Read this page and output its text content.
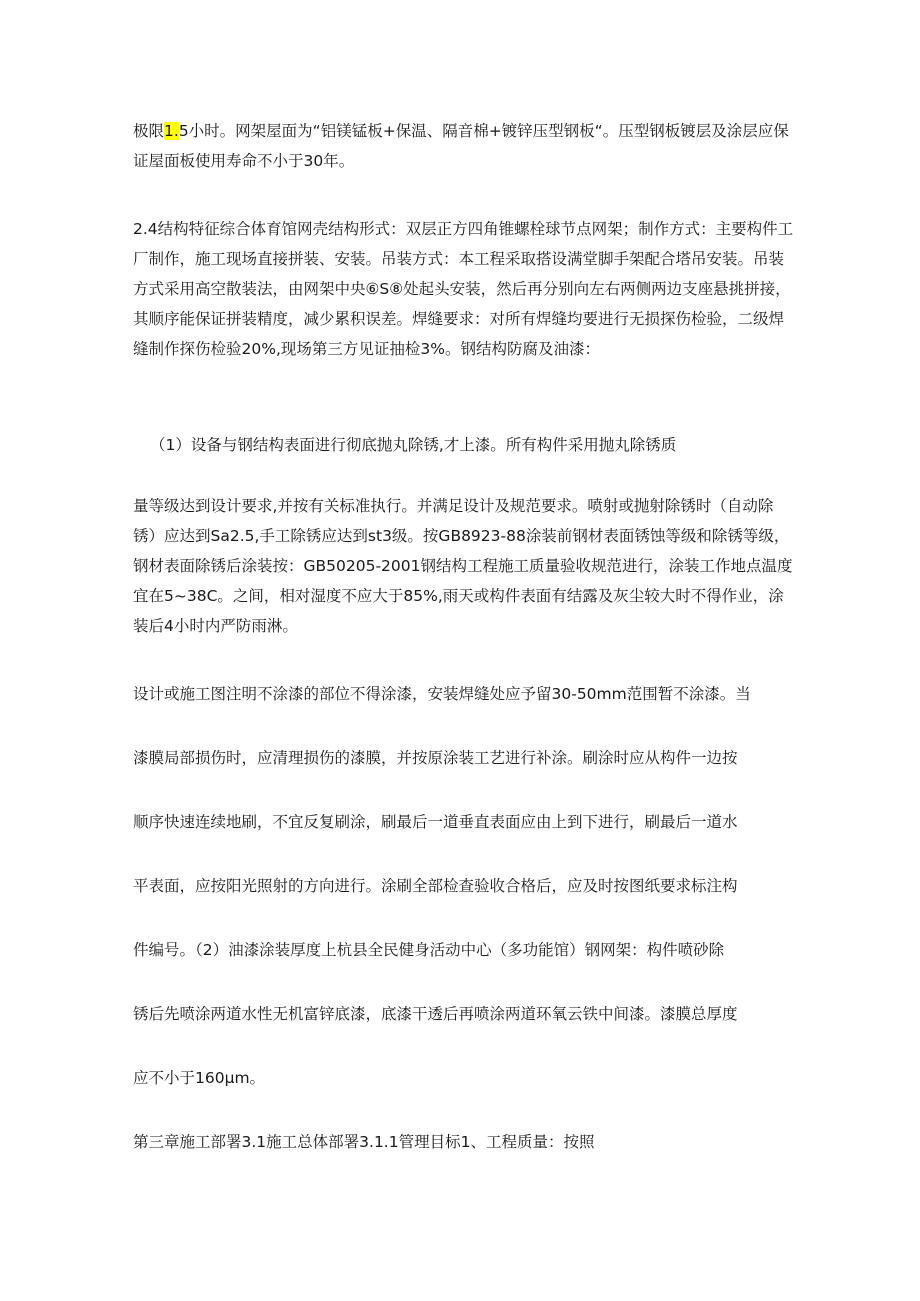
极限1.5小时。网架屋面为“铝镁锰板+保温、隔音棉+镀锌压型钢板“。压型钢板镀层及涂层应保证屋面板使用寿命不小于30年。
2.4结构特征综合体育馆网壳结构形式：双层正方四角锥螺栓球节点网架；制作方式：主要构件工厂制作，施工现场直接拼装、安装。吊装方式：本工程采取搭设满堂脚手架配合塔吊安装。吊装方式采用高空散装法，由网架中央⑥S⑧处起头安装，然后再分别向左右两侧两边支座悬挑拼接，其顺序能保证拼装精度，减少累积误差。焊缝要求：对所有焊缝均要进行无损探伤检验，二级焊缝制作探伤检验20%,现场第三方见证抽检3%。钢结构防腐及油漆：
（1）设备与钢结构表面进行彻底抛丸除锈,才上漆。所有构件采用抛丸除锈质
量等级达到设计要求,并按有关标准执行。并满足设计及规范要求。喷射或抛射除锈时（自动除锈）应达到Sa2.5,手工除锈应达到st3级。按GB8923-88涂装前钢材表面锈蚀等级和除锈等级，钢材表面除锈后涂装按：GB50205-2001钢结构工程施工质量验收规范进行，涂装工作地点温度宜在5~38C。之间，相对湿度不应大于85%,雨天或构件表面有结露及灰尘较大时不得作业，涂装后4小时内严防雨淋。
设计或施工图注明不涂漆的部位不得涂漆，安装焊缝处应予留30-50mm范围暂不涂漆。当
漆膜局部损伤时，应清理损伤的漆膜，并按原涂装工艺进行补涂。刷涂时应从构件一边按
顺序快速连续地刷，不宜反复刷涂，刷最后一道垂直表面应由上到下进行，刷最后一道水
平表面，应按阳光照射的方向进行。涂刷全部检查验收合格后，应及时按图纸要求标注构
件编号。（2）油漆涂装厚度上杭县全民健身活动中心（多功能馆）钢网架：构件喷砂除
锈后先喷涂两道水性无机富锌底漆，底漆干透后再喷涂两道环氧云铁中间漆。漆膜总厚度
应不小于160μm。
第三章施工部署3.1施工总体部署3.1.1管理目标1、工程质量：按照
